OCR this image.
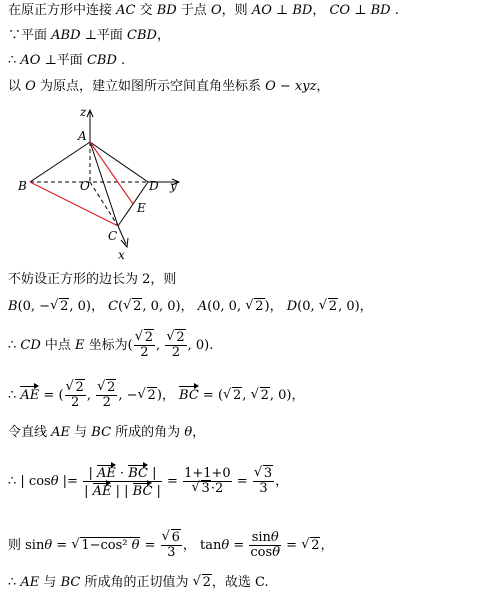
在原正方形中连接 AC 交 BD 于点 O，则 AO ⊥ BD， CO ⊥ BD .
∵平面 ABD ⊥平面 CBD，
∴ AO ⊥平面 CBD .
以 O 为原点，建立如图所示空间直角坐标系 O − xyz，
z
A
B	O	D y
E
C
x
不妨设正方形的边长为 2，则
B(0, − √ 2, 0)， C( √ 2, 0, 0)， A(0, 0, √ 2)， D(0, √ 2, 0)，
∴ CD 中点 E 坐标为( √ $\frac{2}{2}$ , √ $\frac{2}{2}$ , 0).
∴ AE = ( √ $\frac{2}{2}$ , √ $\frac{2}{2}$ , − √ 2)， BC = ( √ 2, √ 2, 0)，
令直线 AE 与 BC 所成的角为 θ，
∴ | cosθ |= $\frac{| AE \cdot BC |}{| AE | | BC |} = 1+1+0$
√ 3·2 = √ $\frac{3}{3}$ ，
则 sinθ = √ 1−cos² θ = √ $\frac{6}{3}$ ， $\tan\theta = \frac{\sin\theta}{\cos\theta}$ = √ 2，
∴ AE 与 BC 所成角的正切值为 √ 2，故选 C.
